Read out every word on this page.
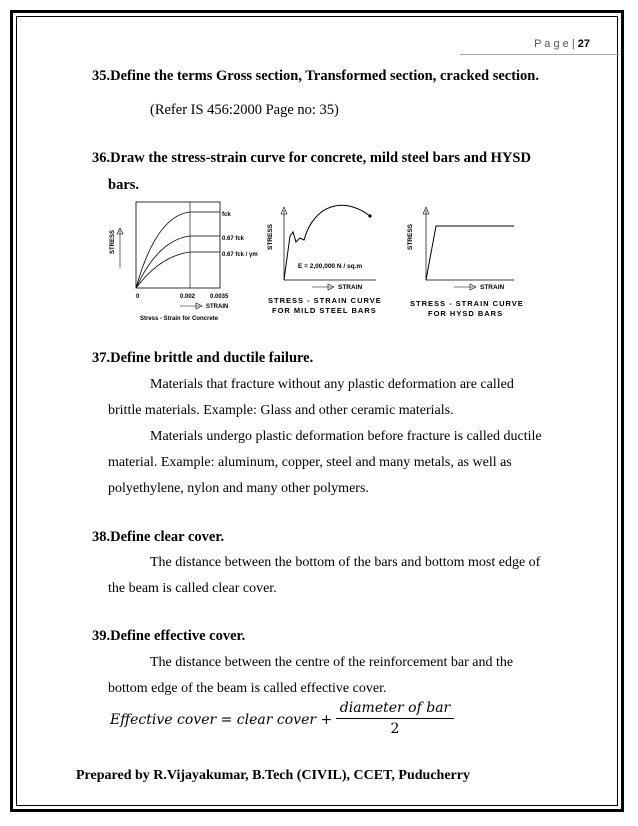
P a g e | 27
35.Define the terms Gross section, Transformed section, cracked section.
(Refer IS 456:2000 Page no: 35)
36.Draw the stress-strain curve for concrete, mild steel bars and HYSD
bars.
STRESS
fck
0.67 fck
0.67 fck / γm
0	0.002 0.0035
STRAIN
Stress - Strain for Concrete
STRESS
E = 2,00,000 N / sq.m
STRAIN
STRESS - STRAIN CURVE
FOR MILD STEEL BARS
STRESS
STRAIN
STRESS - STRAIN CURVE
FOR HYSD BARS
37.Define brittle and ductile failure.
Materials that fracture without any plastic deformation are called
brittle materials. Example: Glass and other ceramic materials.
Materials undergo plastic deformation before fracture is called ductile
material. Example: aluminum, copper, steel and many metals, as well as
polyethylene, nylon and many other polymers.
38.Define clear cover.
The distance between the bottom of the bars and bottom most edge of
the beam is called clear cover.
39.Define effective cover.
The distance between the centre of the reinforcement bar and the
bottom edge of the beam is called effective cover.
Effective cover = clear cover +
diameter of bar
2
Prepared by R.Vijayakumar, B.Tech (CIVIL), CCET, Puducherry
